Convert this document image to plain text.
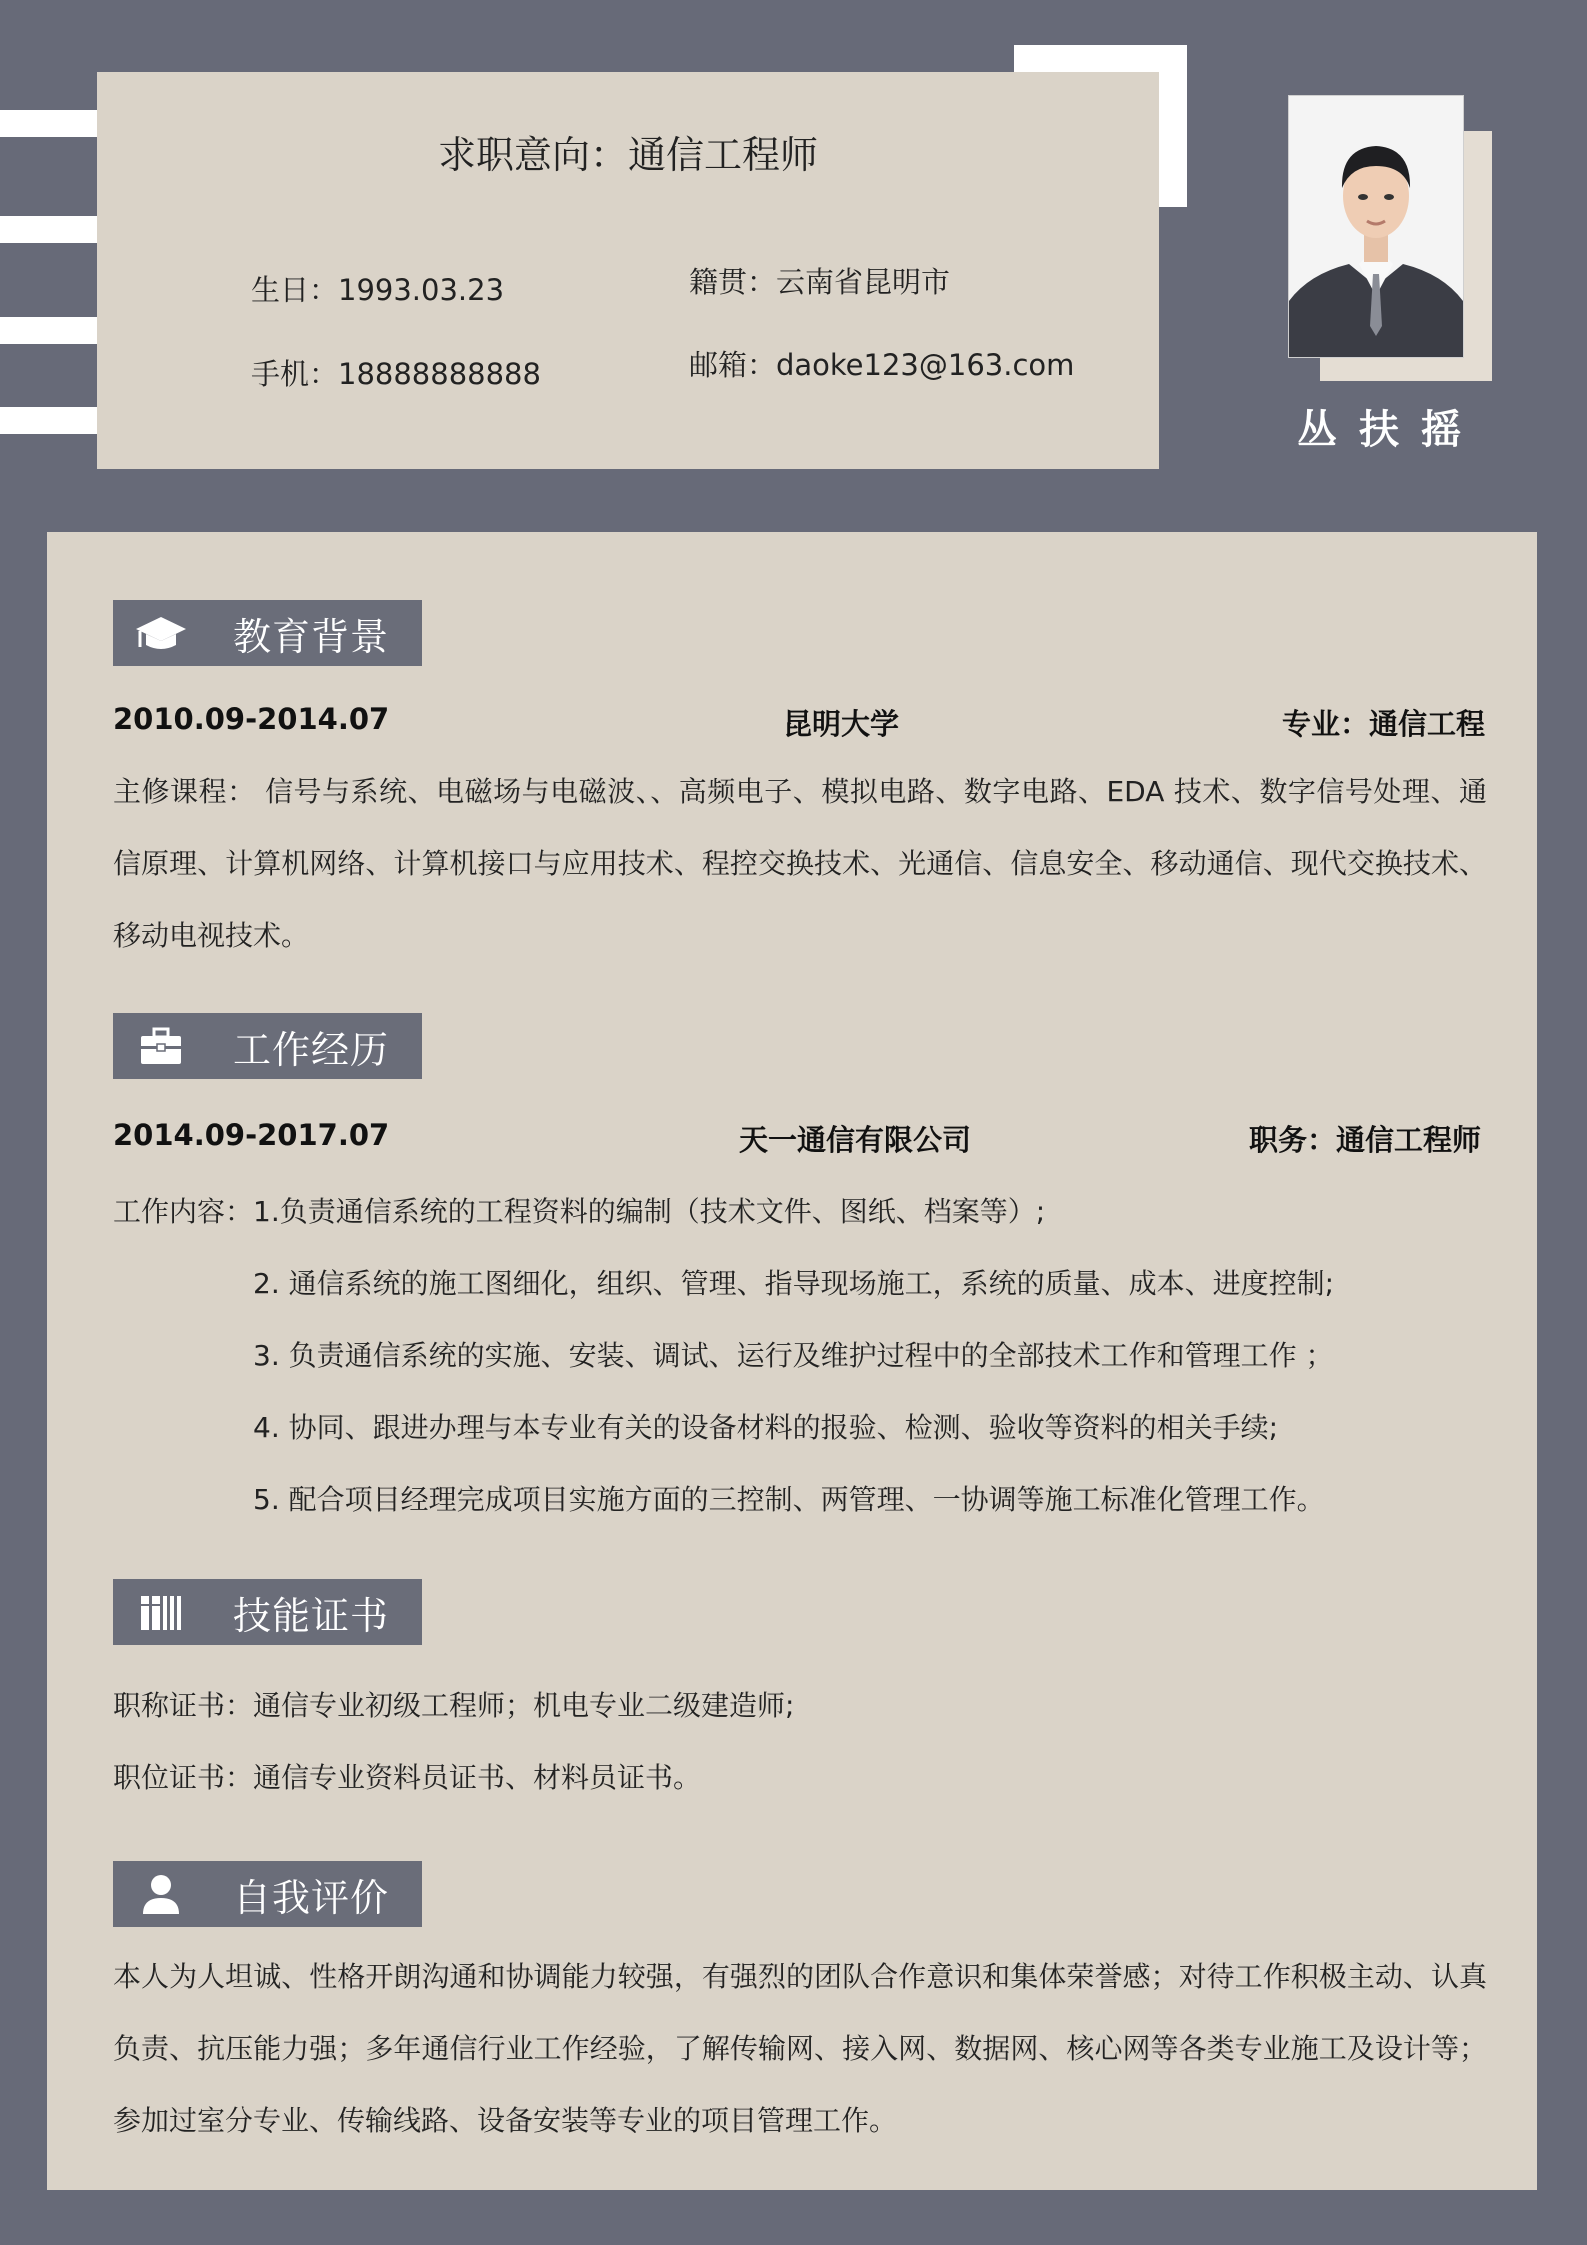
求职意向：通信工程师
生日：1993.03.23	籍贯：云南省昆明市
手机：18888888888	邮箱：daoke123@163.com
丛扶摇
教育背景
2010.09-2014.07	昆明大学	专业：通信工程
主修课程： 信号与系统、电磁场与电磁波、、高频电子、模拟电路、数字电路、EDA 技术、数字信号处理、通信原理、计算机网络、计算机接口与应用技术、程控交换技术、光通信、信息安全、移动通信、现代交换技术、移动电视技术。
工作经历
2014.09-2017.07	天一通信有限公司	职务：通信工程师
工作内容： 1.负责通信系统的工程资料的编制（技术文件、图纸、档案等）;
2. 通信系统的施工图细化，组织、管理、指导现场施工，系统的质量、成本、进度控制;
3. 负责通信系统的实施、安装、调试、运行及维护过程中的全部技术工作和管理工作 ；
4. 协同、跟进办理与本专业有关的设备材料的报验、检测、验收等资料的相关手续;
5. 配合项目经理完成项目实施方面的三控制、两管理、一协调等施工标准化管理工作。
技能证书
职称证书：通信专业初级工程师；机电专业二级建造师;
职位证书：通信专业资料员证书、材料员证书。
自我评价
本人为人坦诚、性格开朗沟通和协调能力较强，有强烈的团队合作意识和集体荣誉感；对待工作积极主动、认真负责、抗压能力强；多年通信行业工作经验，了解传输网、接入网、数据网、核心网等各类专业施工及设计等；参加过室分专业、传输线路、设备安装等专业的项目管理工作。
